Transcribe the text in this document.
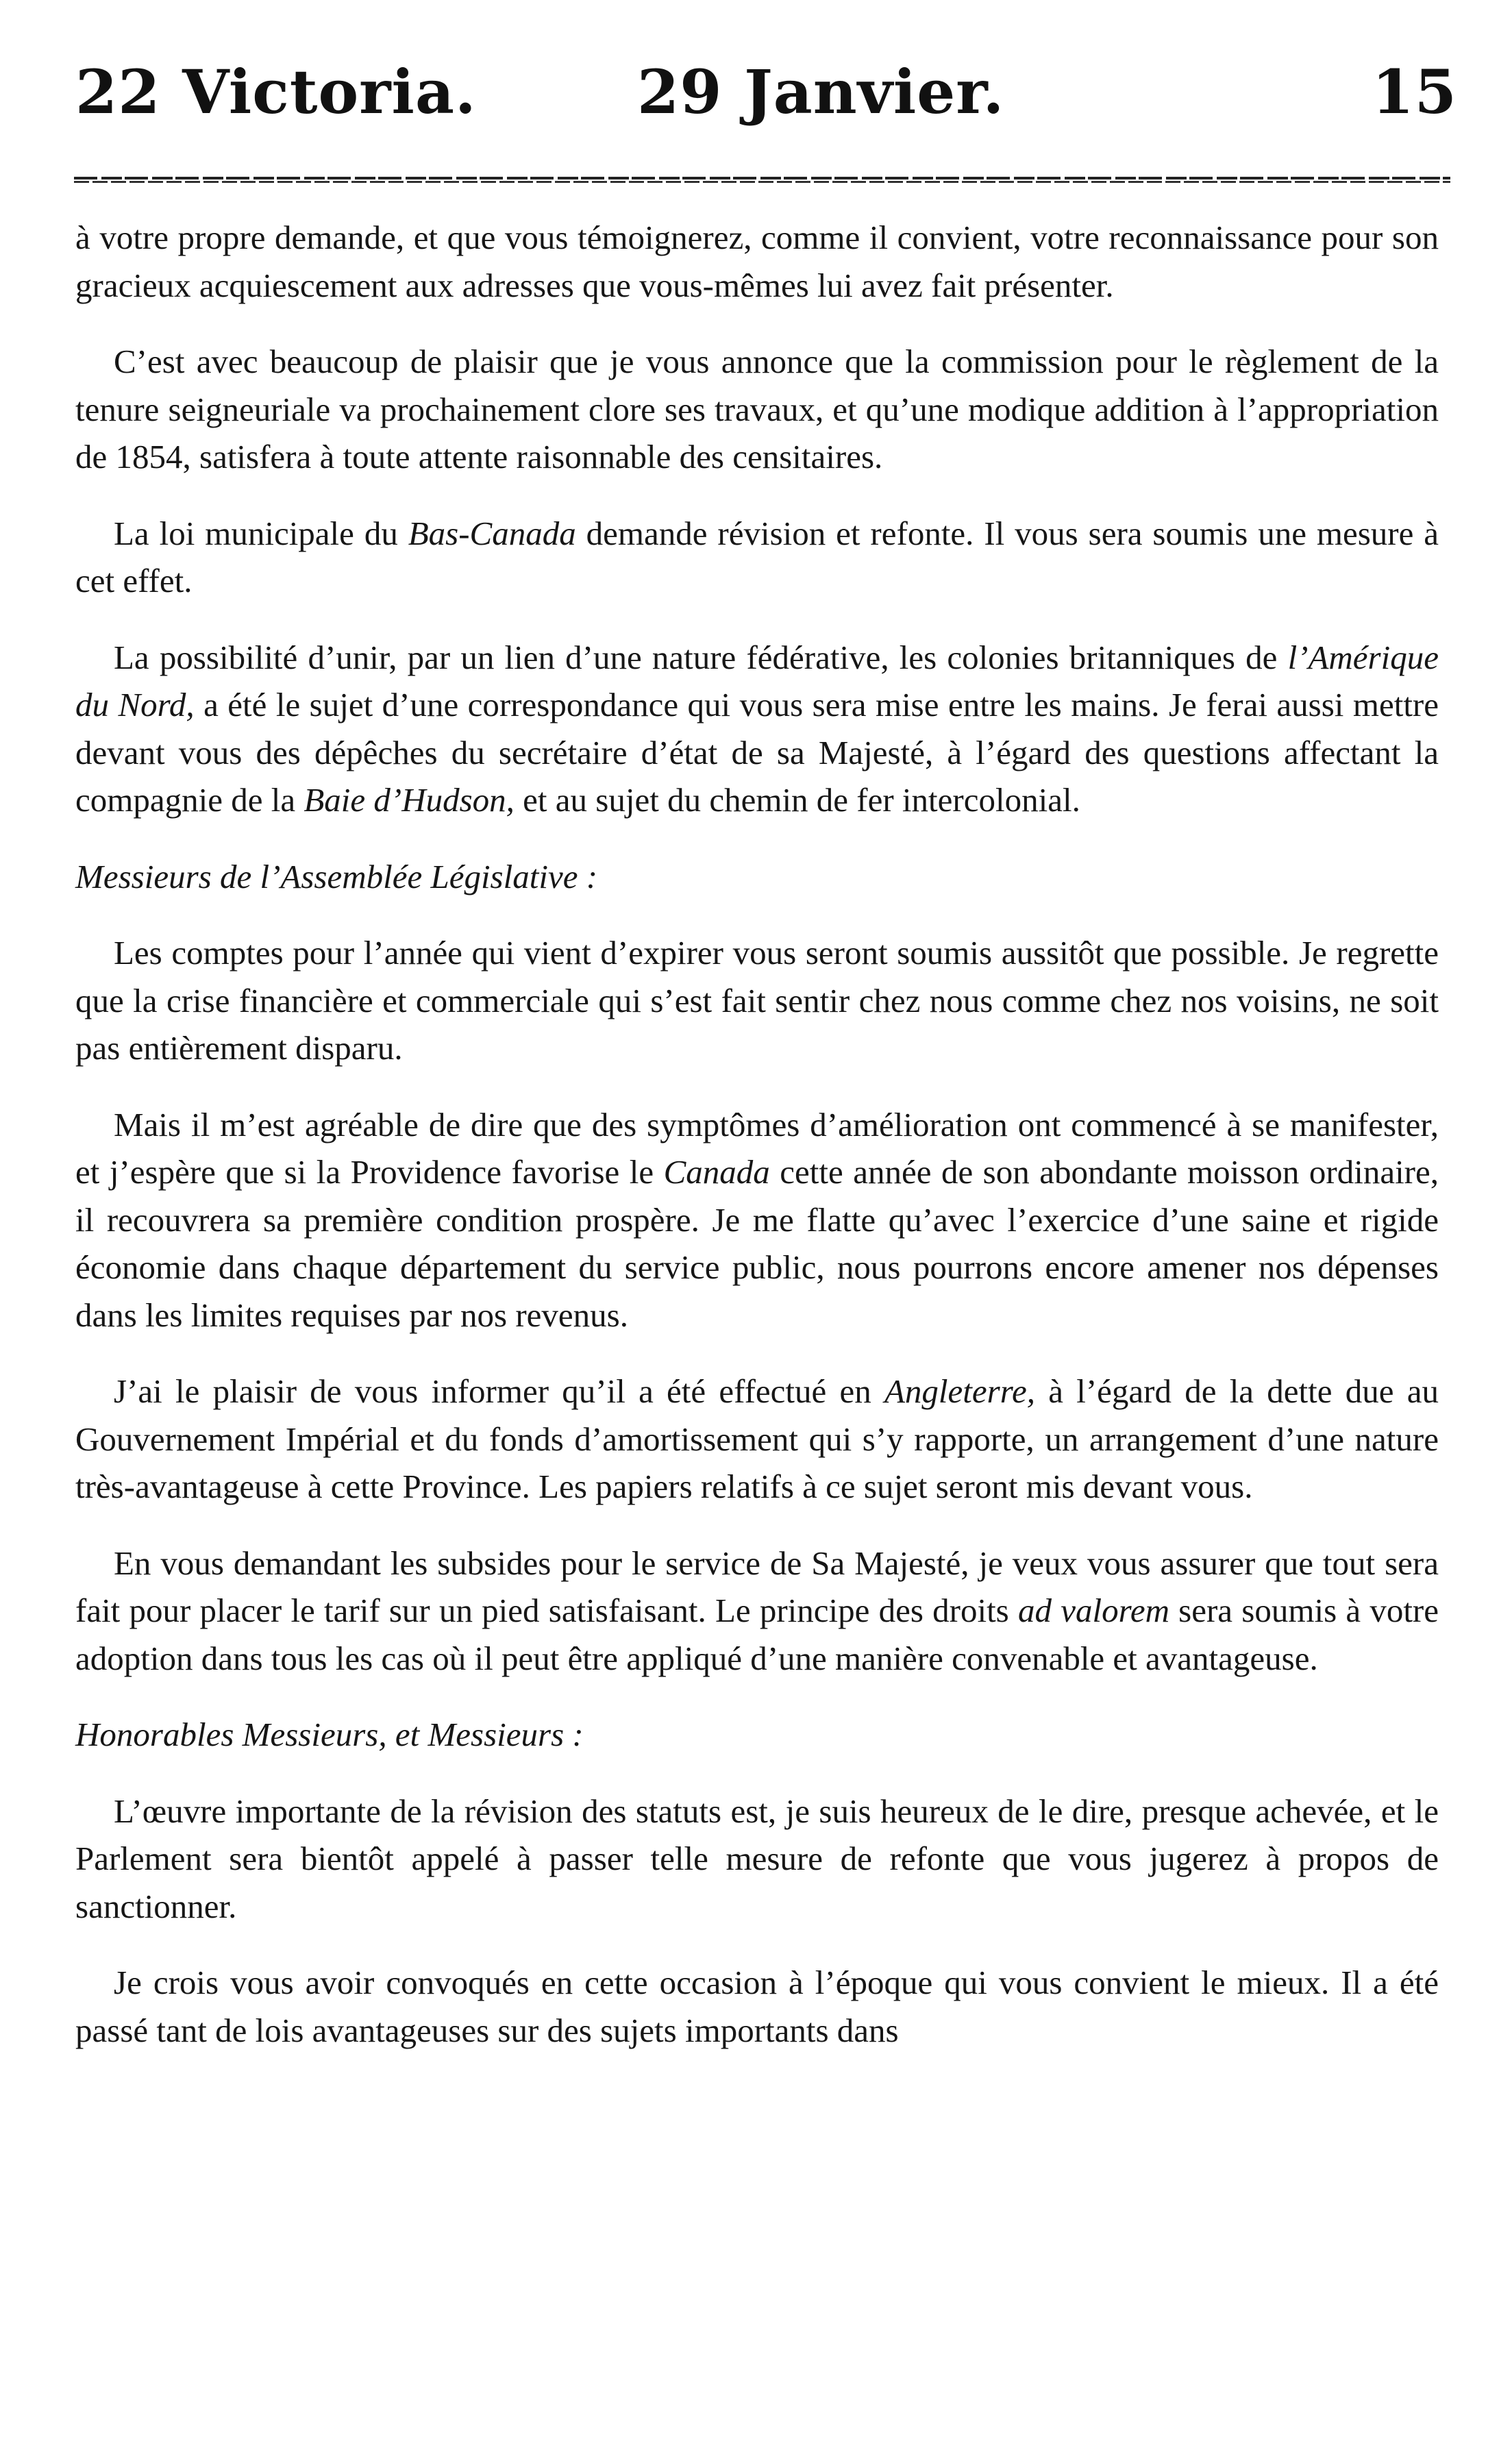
22 Victoria.	29 Janvier.	15

à votre propre demande, et que vous témoignerez, comme il convient, votre reconnaissance pour son gracieux acquiescement aux adresses que vous-mêmes lui avez fait présenter.

C’est avec beaucoup de plaisir que je vous annonce que la commission pour le règlement de la tenure seigneuriale va prochainement clore ses travaux, et qu’une modique addition à l’appropriation de 1854, satisfera à toute attente raisonnable des censitaires.

La loi municipale du Bas-Canada demande révision et refonte. Il vous sera soumis une mesure à cet effet.

La possibilité d’unir, par un lien d’une nature fédérative, les colonies britanniques de l’Amérique du Nord, a été le sujet d’une correspondance qui vous sera mise entre les mains. Je ferai aussi mettre devant vous des dépêches du secrétaire d’état de sa Majesté, à l’égard des questions affectant la compagnie de la Baie d’Hudson, et au sujet du chemin de fer intercolonial.

Messieurs de l’Assemblée Législative :

Les comptes pour l’année qui vient d’expirer vous seront soumis aussitôt que possible. Je regrette que la crise financière et commerciale qui s’est fait sentir chez nous comme chez nos voisins, ne soit pas entièrement disparu.

Mais il m’est agréable de dire que des symptômes d’amélioration ont commencé à se manifester, et j’espère que si la Providence favorise le Canada cette année de son abondante moisson ordinaire, il recouvrera sa première condition prospère. Je me flatte qu’avec l’exercice d’une saine et rigide économie dans chaque département du service public, nous pourrons encore amener nos dépenses dans les limites requises par nos revenus.

J’ai le plaisir de vous informer qu’il a été effectué en Angleterre, à l’égard de la dette due au Gouvernement Impérial et du fonds d’amortissement qui s’y rapporte, un arrangement d’une nature très-avantageuse à cette Province. Les papiers relatifs à ce sujet seront mis devant vous.

En vous demandant les subsides pour le service de Sa Majesté, je veux vous assurer que tout sera fait pour placer le tarif sur un pied satisfaisant. Le principe des droits ad valorem sera soumis à votre adoption dans tous les cas où il peut être appliqué d’une manière convenable et avantageuse.

Honorables Messieurs, et Messieurs :

L’œuvre importante de la révision des statuts est, je suis heureux de le dire, presque achevée, et le Parlement sera bientôt appelé à passer telle mesure de refonte que vous jugerez à propos de sanctionner.

Je crois vous avoir convoqués en cette occasion à l’époque qui vous convient le mieux. Il a été passé tant de lois avantageuses sur des sujets importants dans
